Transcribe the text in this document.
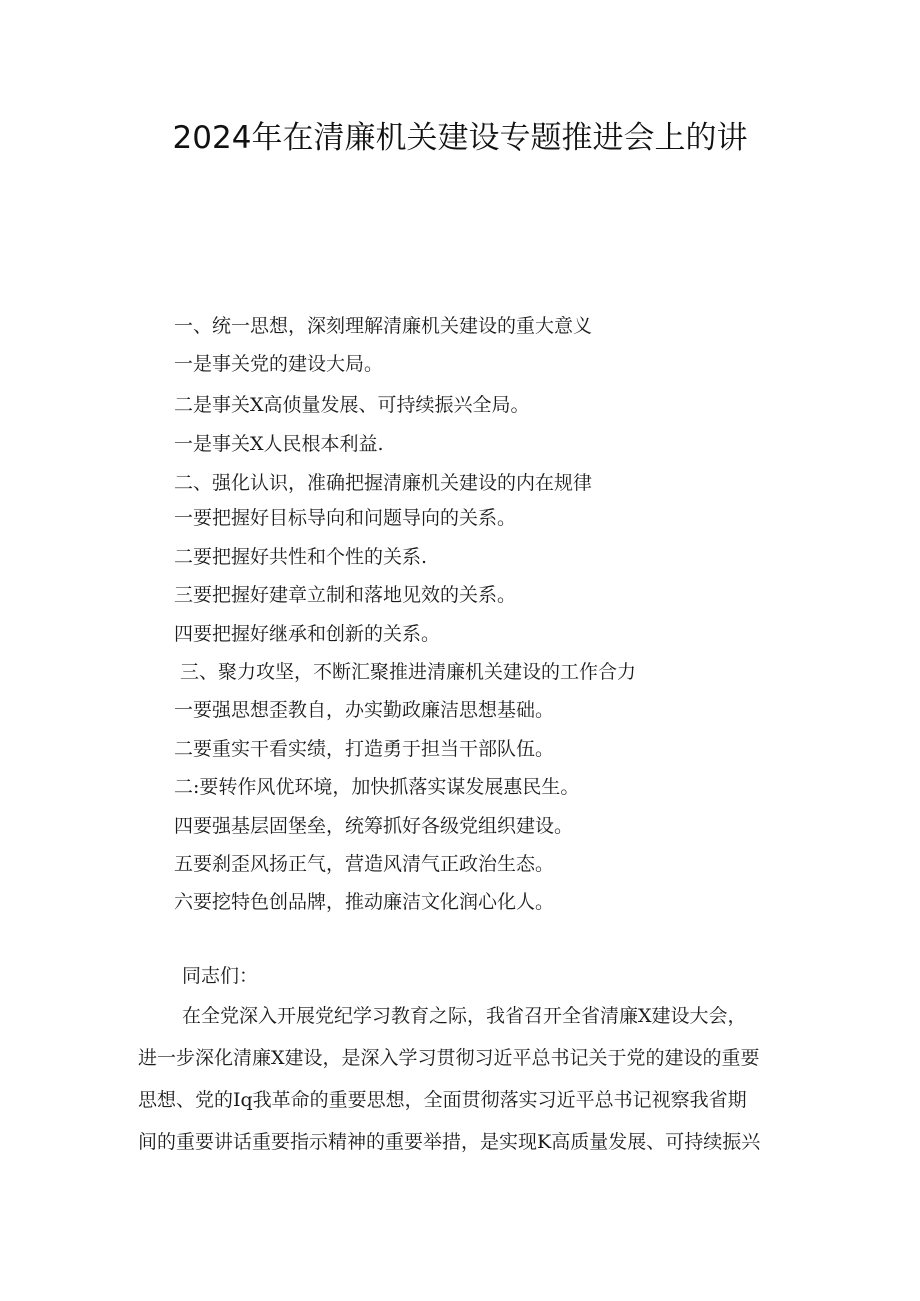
2024年在清廉机关建设专题推进会上的讲
一、统一思想，深刻理解清廉机关建设的重大意义
一是事关党的建设大局。
二是事关X高侦量发展、可持续振兴全局。
一是事关X人民根本利益.
二、强化认识，准确把握清廉机关建设的内在规律
一要把握好目标导向和问题导向的关系。
二要把握好共性和个性的关系.
三要把握好建章立制和落地见效的关系。
四要把握好继承和创新的关系。
三、聚力攻坚，不断汇聚推进清廉机关建设的工作合力
一要强思想歪教自，办实勤政廉洁思想基础。
二要重实干看实绩，打造勇于担当干部队伍。
二:要转作风优环境，加快抓落实谋发展惠民生。
四要强基层固堡垒，统筹抓好各级党组织建设。
五要刹歪风扬正气，营造风清气正政治生态。
六要挖特色创品牌，推动廉洁文化润心化人。
同志们：
在全党深入开展党纪学习教育之际，我省召开全省清廉X建设大会，
进一步深化清廉X建设，是深入学习贯彻习近平总书记关于党的建设的重要
思想、党的Iq我革命的重要思想，全面贯彻落实习近平总书记视察我省期
间的重要讲话重要指示精神的重要举措，是实现K高质量发展、可持续振兴
